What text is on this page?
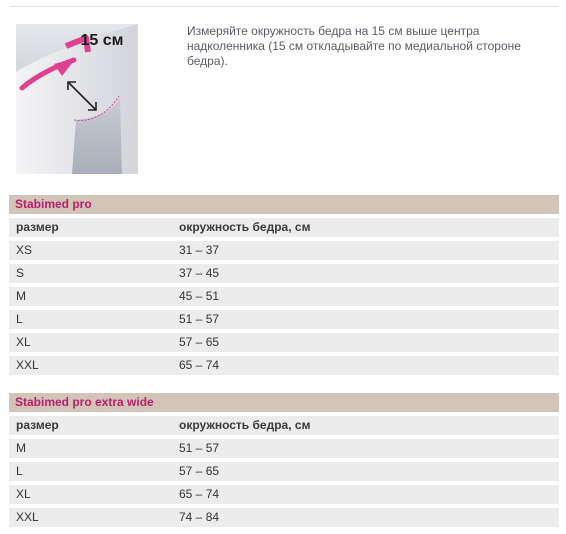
15 см
Измеряйте окружность бедра на 15 см выше центра надколенника (15 см откладывайте по медиальной стороне бедра).
Stabimed pro
размер	окружность бедра, см
XS	31 – 37
S	37 – 45
M	45 – 51
L	51 – 57
XL	57 – 65
XXL	65 – 74
Stabimed pro extra wide
размер	окружность бедра, см
M	51 – 57
L	57 – 65
XL	65 – 74
XXL	74 – 84
